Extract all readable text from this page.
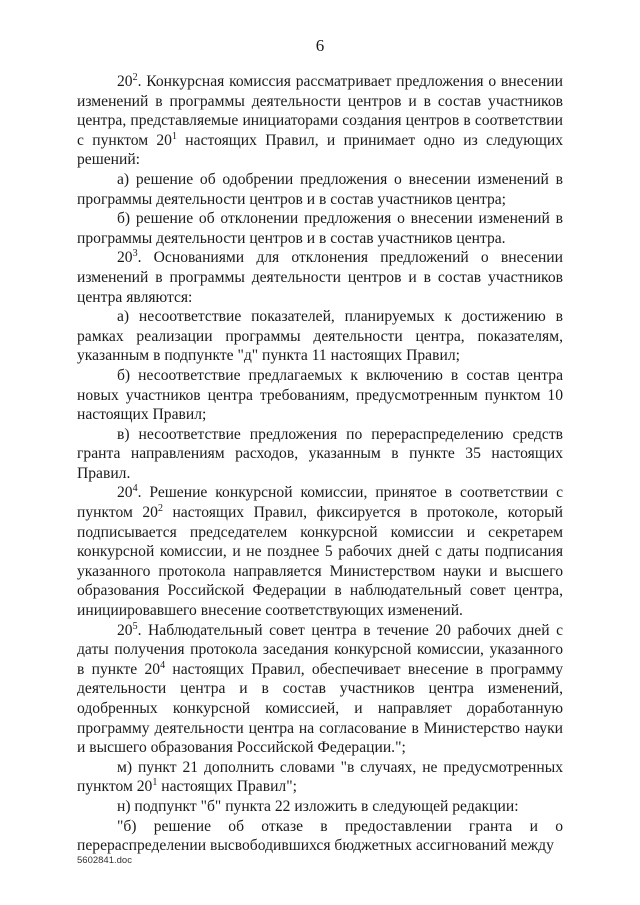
6

$20^2$. Конкурсная комиссия рассматривает предложения о внесении изменений в программы деятельности центров и в состав участников центра, представляемые инициаторами создания центров в соответствии с пунктом $20^1$ настоящих Правил, и принимает одно из следующих решений:

а) решение об одобрении предложения о внесении изменений в программы деятельности центров и в состав участников центра;

б) решение об отклонении предложения о внесении изменений в программы деятельности центров и в состав участников центра.

$20^3$. Основаниями для отклонения предложений о внесении изменений в программы деятельности центров и в состав участников центра являются:

а) несоответствие показателей, планируемых к достижению в рамках реализации программы деятельности центра, показателям, указанным в подпункте "д" пункта 11 настоящих Правил;

б) несоответствие предлагаемых к включению в состав центра новых участников центра требованиям, предусмотренным пунктом 10 настоящих Правил;

в) несоответствие предложения по перераспределению средств гранта направлениям расходов, указанным в пункте 35 настоящих Правил.

$20^4$. Решение конкурсной комиссии, принятое в соответствии с пунктом $20^2$ настоящих Правил, фиксируется в протоколе, который подписывается председателем конкурсной комиссии и секретарем конкурсной комиссии, и не позднее 5 рабочих дней с даты подписания указанного протокола направляется Министерством науки и высшего образования Российской Федерации в наблюдательный совет центра, инициировавшего внесение соответствующих изменений.

$20^5$. Наблюдательный совет центра в течение 20 рабочих дней с даты получения протокола заседания конкурсной комиссии, указанного в пункте $20^4$ настоящих Правил, обеспечивает внесение в программу деятельности центра и в состав участников центра изменений, одобренных конкурсной комиссией, и направляет доработанную программу деятельности центра на согласование в Министерство науки и высшего образования Российской Федерации.";

м) пункт 21 дополнить словами "в случаях, не предусмотренных пунктом $20^1$ настоящих Правил";

н) подпункт "б" пункта 22 изложить в следующей редакции:

"б) решение об отказе в предоставлении гранта и о перераспределении высвободившихся бюджетных ассигнований между

5602841.doc
